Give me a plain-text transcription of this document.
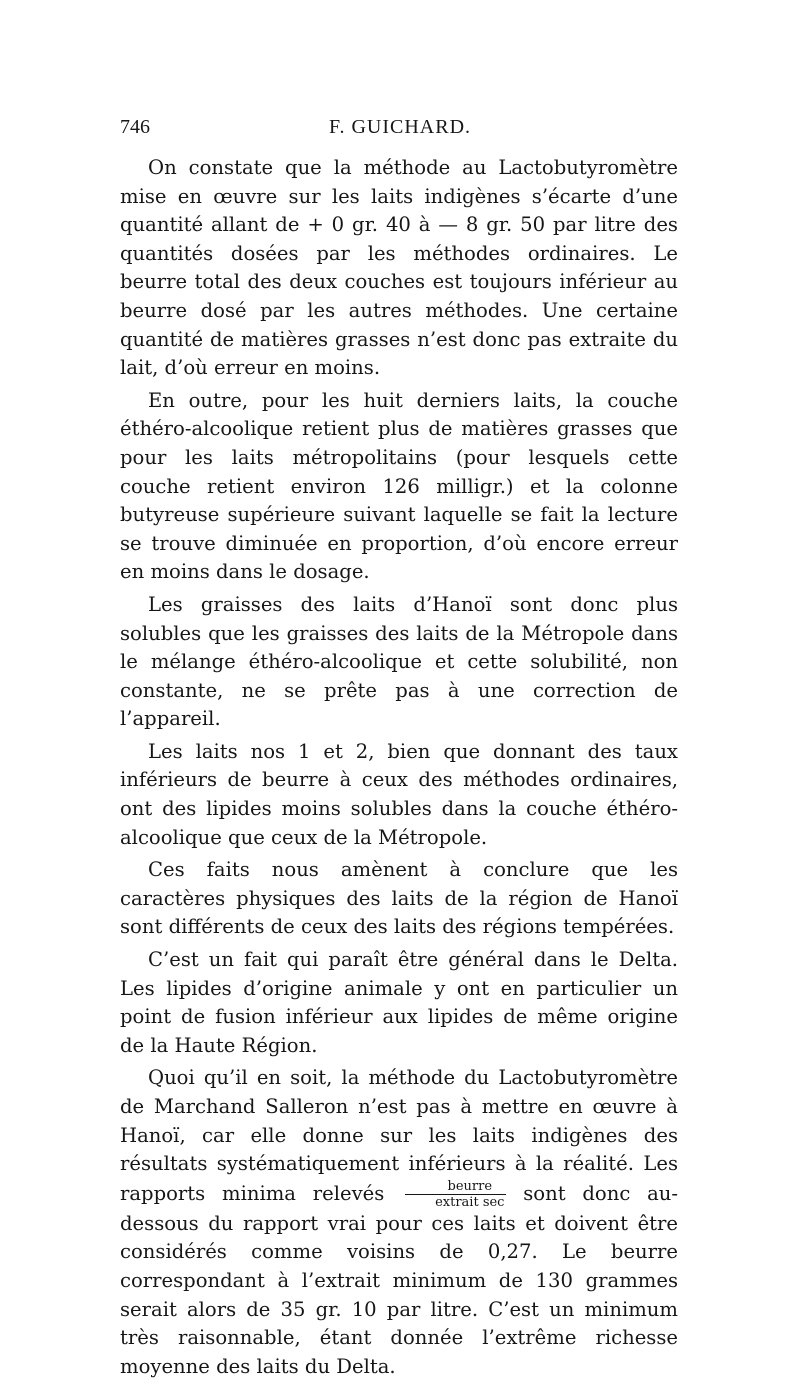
746	F. GUICHARD.

On constate que la méthode au Lactobutyromètre mise en œuvre sur les laits indigènes s’écarte d’une quantité allant de + 0 gr. 40 à — 8 gr. 50 par litre des quantités dosées par les méthodes ordinaires. Le beurre total des deux couches est toujours inférieur au beurre dosé par les autres méthodes. Une certaine quantité de matières grasses n’est donc pas extraite du lait, d’où erreur en moins.

En outre, pour les huit derniers laits, la couche éthéro-alcoolique retient plus de matières grasses que pour les laits métropolitains (pour lesquels cette couche retient environ 126 milligr.) et la colonne butyreuse supérieure suivant laquelle se fait la lecture se trouve diminuée en proportion, d’où encore erreur en moins dans le dosage.

Les graisses des laits d’Hanoï sont donc plus solubles que les graisses des laits de la Métropole dans le mélange éthéro-alcoolique et cette solubilité, non constante, ne se prête pas à une correction de l’appareil.

Les laits nos 1 et 2, bien que donnant des taux inférieurs de beurre à ceux des méthodes ordinaires, ont des lipides moins solubles dans la couche éthéro-alcoolique que ceux de la Métropole.

Ces faits nous amènent à conclure que les caractères physiques des laits de la région de Hanoï sont différents de ceux des laits des régions tempérées.

C’est un fait qui paraît être général dans le Delta. Les lipides d’origine animale y ont en particulier un point de fusion inférieur aux lipides de même origine de la Haute Région.

Quoi qu’il en soit, la méthode du Lactobutyromètre de Marchand Salleron n’est pas à mettre en œuvre à Hanoï, car elle donne sur les laits indigènes des résultats systématiquement inférieurs à la réalité. Les rapports minima relevés $\frac{\text{beurre}}{\text{extrait sec}}$ sont donc au-dessous du rapport vrai pour ces laits et doivent être considérés comme voisins de 0,27. Le beurre correspondant à l’extrait minimum de 130 grammes serait alors de 35 gr. 10 par litre. C’est un minimum très raisonnable, étant donnée l’extrême richesse moyenne des laits du Delta.
